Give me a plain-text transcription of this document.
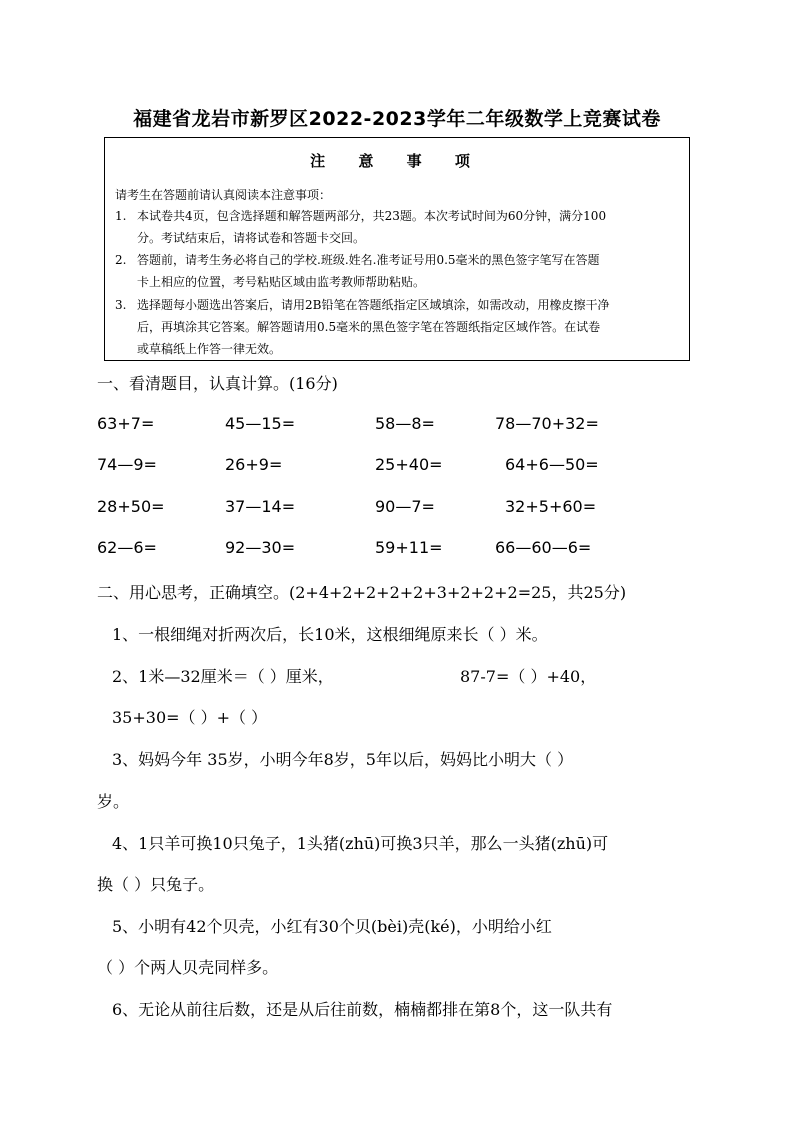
福建省龙岩市新罗区2022-2023学年二年级数学上竞赛试卷
注 意 事 项
请考生在答题前请认真阅读本注意事项：
1. 本试卷共4页，包含选择题和解答题两部分，共23题。本次考试时间为60分钟，满分100
分。考试结束后，请将试卷和答题卡交回。
2. 答题前，请考生务必将自己的学校.班级.姓名.准考证号用0.5毫米的黑色签字笔写在答题
卡上相应的位置，考号粘贴区域由监考教师帮助粘贴。
3. 选择题每小题选出答案后，请用2B铅笔在答题纸指定区域填涂，如需改动，用橡皮擦干净
后，再填涂其它答案。解答题请用0.5毫米的黑色签字笔在答题纸指定区域作答。在试卷
或草稿纸上作答一律无效。
一、看清题目，认真计算。(16分)
63+7=	45—15=	58—8=	78—70+32=
74—9=	26+9=	25+40=	64+6—50=
28+50=	37—14=	90—7=	32+5+60=
62—6=	92—30=	59+11=	66—60—6=
二、用心思考，正确填空。(2+4+2+2+2+2+3+2+2+2=25，共25分)
1、一根细绳对折两次后，长10米，这根细绳原来长（ ）米。
2、1米—32厘米＝（ ）厘米，	87-7=（ ）+40，
35+30=（ ）+（ ）
3、妈妈今年 35岁，小明今年8岁，5年以后，妈妈比小明大（ ）
岁。
4、1只羊可换10只兔子，1头猪(zhū)可换3只羊，那么一头猪(zhū)可
换（ ）只兔子。
5、小明有42个贝壳，小红有30个贝(bèi)壳(ké)，小明给小红
（ ）个两人贝壳同样多。
6、无论从前往后数，还是从后往前数，楠楠都排在第8个，这一队共有
